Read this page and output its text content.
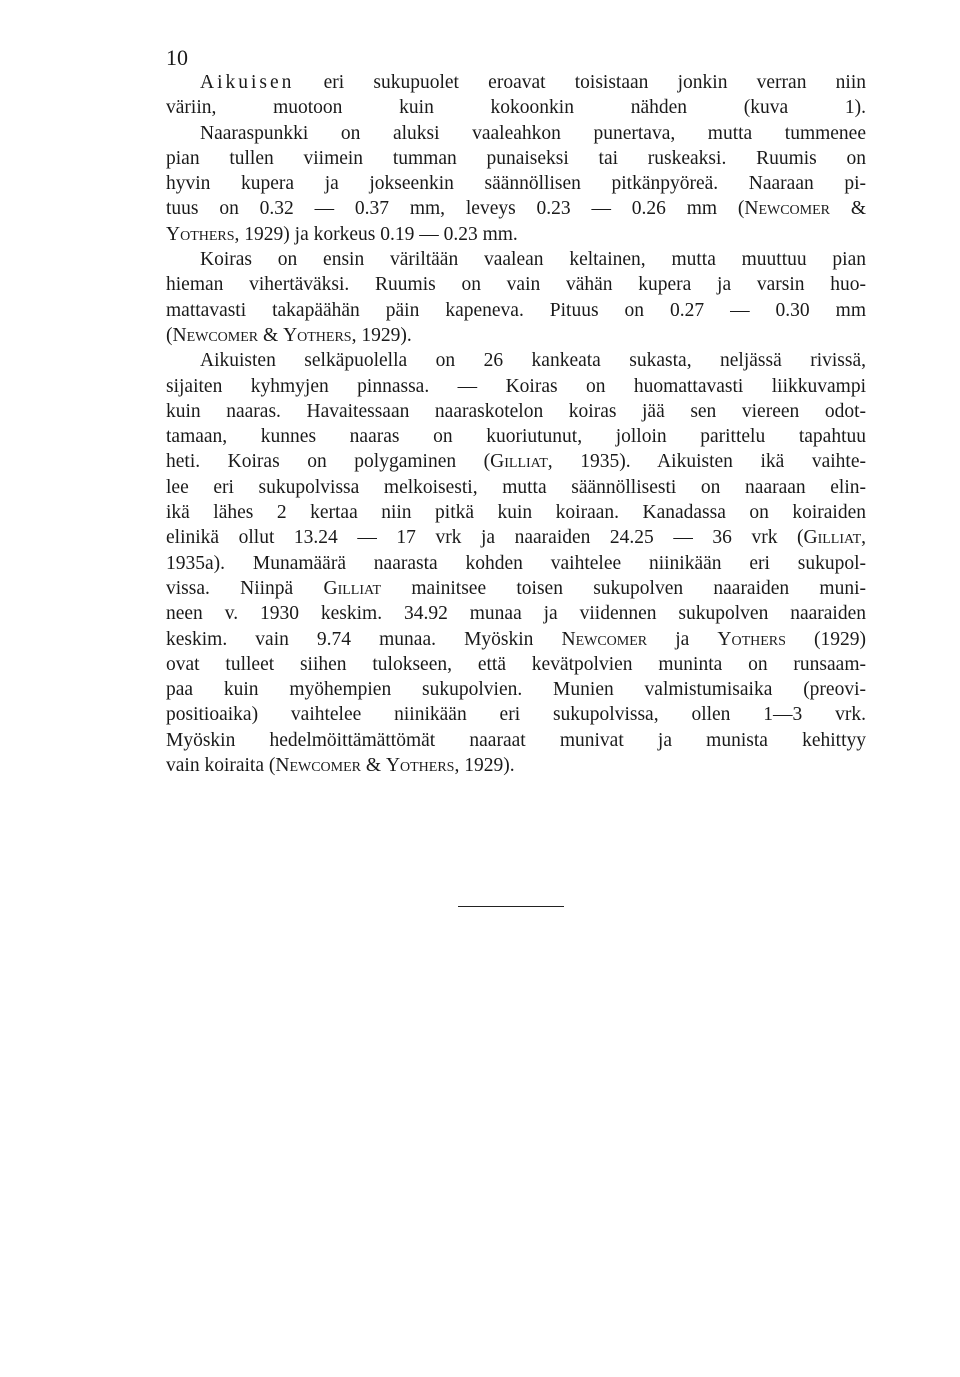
10
Aikuisen eri sukupuolet eroavat toisistaan jonkin verran niin
väriin, muotoon kuin kokoonkin nähden (kuva 1).
Naaraspunkki on aluksi vaaleahkon punertava, mutta tummenee
pian tullen viimein tumman punaiseksi tai ruskeaksi. Ruumis on
hyvin kupera ja jokseenkin säännöllisen pitkänpyöreä. Naaraan pi-
tuus on 0.32 — 0.37 mm, leveys 0.23 — 0.26 mm (Newcomer &
Yothers, 1929) ja korkeus 0.19 — 0.23 mm.
Koiras on ensin väriltään vaalean keltainen, mutta muuttuu pian
hieman vihertäväksi. Ruumis on vain vähän kupera ja varsin huo-
mattavasti takapäähän päin kapeneva. Pituus on 0.27 — 0.30 mm
(Newcomer & Yothers, 1929).
Aikuisten selkäpuolella on 26 kankeata sukasta, neljässä rivissä,
sijaiten kyhmyjen pinnassa. — Koiras on huomattavasti liikkuvampi
kuin naaras. Havaitessaan naaraskotelon koiras jää sen viereen odot-
tamaan, kunnes naaras on kuoriutunut, jolloin parittelu tapahtuu
heti. Koiras on polygaminen (Gilliat, 1935). Aikuisten ikä vaihte-
lee eri sukupolvissa melkoisesti, mutta säännöllisesti on naaraan elin-
ikä lähes 2 kertaa niin pitkä kuin koiraan. Kanadassa on koiraiden
elinikä ollut 13.24 — 17 vrk ja naaraiden 24.25 — 36 vrk (Gilliat,
1935a). Munamäärä naarasta kohden vaihtelee niinikään eri sukupol-
vissa. Niinpä Gilliat mainitsee toisen sukupolven naaraiden muni-
neen v. 1930 keskim. 34.92 munaa ja viidennen sukupolven naaraiden
keskim. vain 9.74 munaa. Myöskin Newcomer ja Yothers (1929)
ovat tulleet siihen tulokseen, että kevätpolvien muninta on runsaam-
paa kuin myöhempien sukupolvien. Munien valmistumisaika (preovi-
positioaika) vaihtelee niinikään eri sukupolvissa, ollen 1—3 vrk.
Myöskin hedelmöittämättömät naaraat munivat ja munista kehittyy
vain koiraita (Newcomer & Yothers, 1929).
